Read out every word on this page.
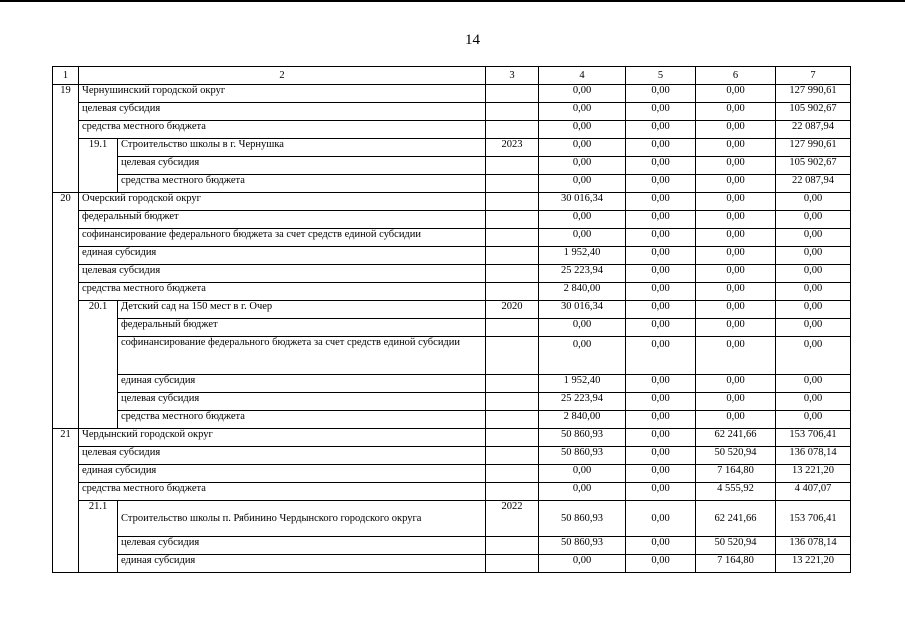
14
1	2		3	4	5	6	7
19	Чернушинский городской округ			0,00	0,00	0,00	127 990,61
	целевая субсидия			0,00	0,00	0,00	105 902,67
	средства местного бюджета			0,00	0,00	0,00	22 087,94
	19.1	Строительство школы в г. Чернушка	2023	0,00	0,00	0,00	127 990,61
		целевая субсидия		0,00	0,00	0,00	105 902,67
		средства местного бюджета		0,00	0,00	0,00	22 087,94
20	Очерский городской округ			30 016,34	0,00	0,00	0,00
	федеральный бюджет			0,00	0,00	0,00	0,00
	софинансирование федерального бюджета за счет средств единой субсидии			0,00	0,00	0,00	0,00
	единая субсидия			1 952,40	0,00	0,00	0,00
	целевая субсидия			25 223,94	0,00	0,00	0,00
	средства местного бюджета			2 840,00	0,00	0,00	0,00
	20.1	Детский сад на 150 мест в г. Очер	2020	30 016,34	0,00	0,00	0,00
		федеральный бюджет		0,00	0,00	0,00	0,00
		софинансирование федерального бюджета за счет средств единой субсидии		0,00	0,00	0,00	0,00
		единая субсидия		1 952,40	0,00	0,00	0,00
		целевая субсидия		25 223,94	0,00	0,00	0,00
		средства местного бюджета		2 840,00	0,00	0,00	0,00
21	Чердынский городской округ			50 860,93	0,00	62 241,66	153 706,41
	целевая субсидия			50 860,93	0,00	50 520,94	136 078,14
	единая субсидия			0,00	0,00	7 164,80	13 221,20
	средства местного бюджета			0,00	0,00	4 555,92	4 407,07
	21.1	Строительство школы п. Рябинино Чердынского городского округа	2022	50 860,93	0,00	62 241,66	153 706,41
		целевая субсидия		50 860,93	0,00	50 520,94	136 078,14
		единая субсидия		0,00	0,00	7 164,80	13 221,20
